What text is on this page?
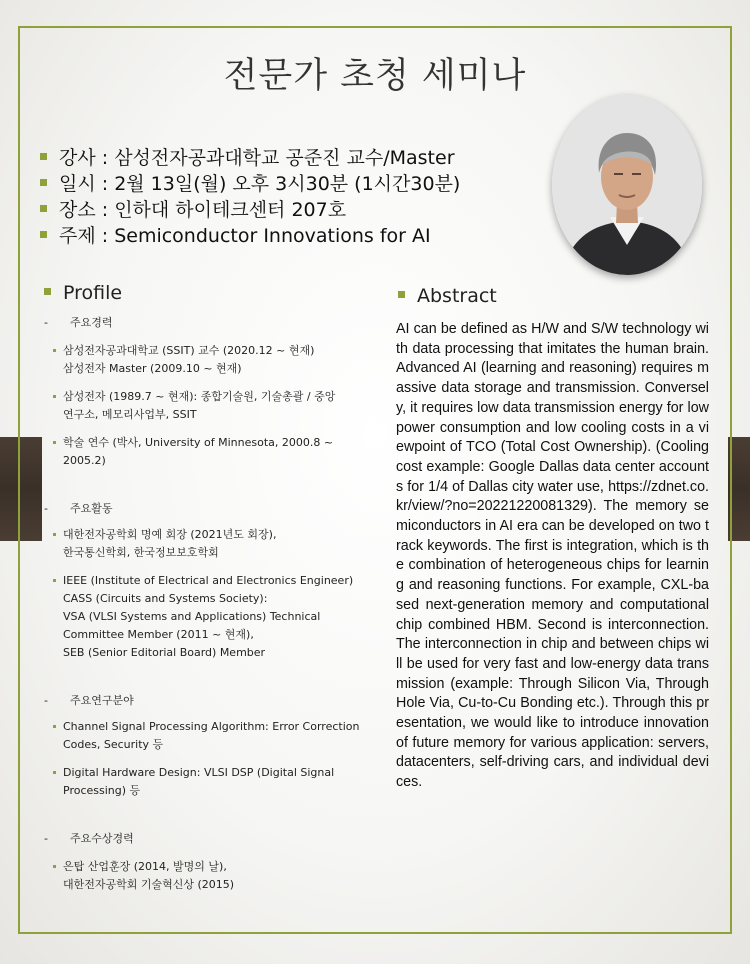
전문가 초청 세미나
강사 : 삼성전자공과대학교 공준진 교수/Master
일시 : 2월 13일(월) 오후 3시30분 (1시간30분)
장소 : 인하대 하이테크센터 207호
주제 : Semiconductor Innovations for AI
Profile	Abstract
- 주요경력
삼성전자공과대학교 (SSIT) 교수 (2020.12 ~ 현재)
삼성전자 Master (2009.10 ~ 현재)
삼성전자 (1989.7 ~ 현재): 종합기술원, 기술총괄 / 중앙
연구소, 메모리사업부, SSIT
학술 연수 (박사, University of Minnesota, 2000.8 ~
2005.2)
- 주요활동
대한전자공학회 명예 회장 (2021년도 회장),
한국통신학회, 한국정보보호학회
IEEE (Institute of Electrical and Electronics Engineer)
CASS (Circuits and Systems Society):
VSA (VLSI Systems and Applications) Technical
Committee Member (2011 ~ 현재),
SEB (Senior Editorial Board) Member
- 주요연구분야
Channel Signal Processing Algorithm: Error Correction
Codes, Security 등
Digital Hardware Design: VLSI DSP (Digital Signal
Processing) 등
- 주요수상경력
은탑 산업훈장 (2014, 발명의 날),
대한전자공학회 기술혁신상 (2015)
AI can be defined as H/W and S/W technology with data processing that imitates the human brain. Advanced AI (learning and reasoning) requires massive data storage and transmission. Conversely, it requires low data transmission energy for low power consumption and low cooling costs in a viewpoint of TCO (Total Cost Ownership). (Cooling cost example: Google Dallas data center accounts for 1/4 of Dallas city water use, https://zdnet.co.kr/view/?no=20221220081329). The memory semiconductors in AI era can be developed on two track keywords. The first is integration, which is the combination of heterogeneous chips for learning and reasoning functions. For example, CXL-based next-generation memory and computational chip combined HBM. Second is interconnection. The interconnection in chip and between chips will be used for very fast and low-energy data transmission (example: Through Silicon Via, Through Hole Via, Cu-to-Cu Bonding etc.). Through this presentation, we would like to introduce innovation of future memory for various application: servers, datacenters, self-driving cars, and individual devices.
